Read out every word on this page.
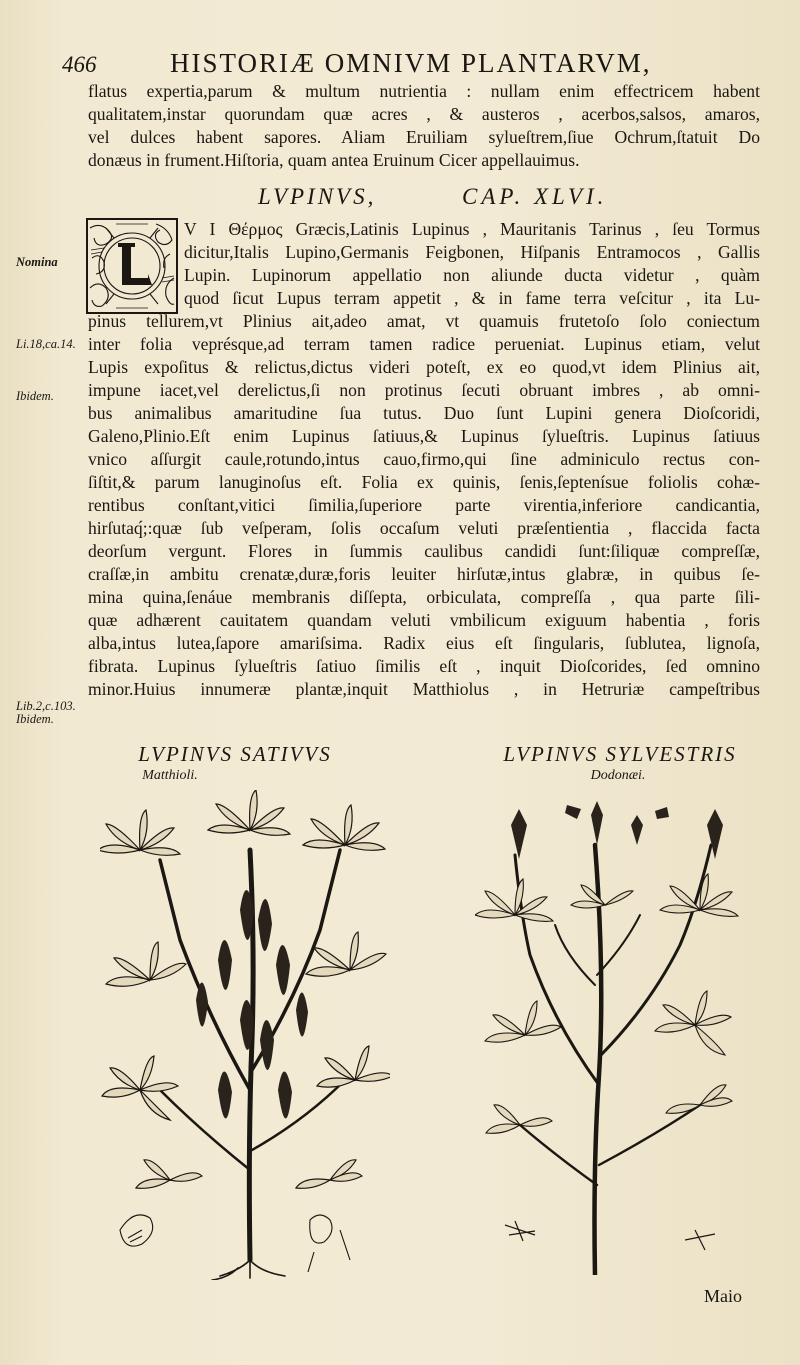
466	HISTORIÆ OMNIVM PLANTARVM,
flatus expertia,parum & multum nutrientia : nullam enim effectricem habent
qualitatem,instar quorundam quæ acres , & austeros , acerbos,salsos, amaros,
vel dulces habent sapores. Aliam Eruiliam sylueſtrem,ſiue Ochrum,ſtatuit Do
donæus in frument.Hiſtoria, quam antea Eruinum Cicer appellauimus.
LVPINVS,	CAP. XLVI.
V I Θέρμος Græcis,Latinis Lupinus , Mauritanis Tarinus , ſeu Tormus
dicitur,Italis Lupino,Germanis Feigbonen, Hiſpanis Entramocos , Gallis
Lupin. Lupinorum appellatio non aliunde ducta videtur , quàm
quod ſicut Lupus terram appetit , & in fame terra veſcitur , ita Lu-
pinus tellurem,vt Plinius ait,adeo amat, vt quamuis frutetoſo ſolo coniectum
inter folia veprésque,ad terram tamen radice perueniat. Lupinus etiam, velut
Lupis expoſitus & relictus,dictus videri poteſt, ex eo quod,vt idem Plinius ait,
impune iacet,vel derelictus,ſi non protinus ſecuti obruant imbres , ab omni-
bus animalibus amaritudine ſua tutus. Duo ſunt Lupini genera Dioſcoridi,
Galeno,Plinio.Eſt enim Lupinus ſatiuus,& Lupinus ſylueſtris. Lupinus ſatiuus
vnico aſſurgit caule,rotundo,intus cauo,firmo,qui ſine adminiculo rectus con-
ſiſtit,& parum lanuginoſus eſt. Folia ex quinis, ſenis,ſeptenísue foliolis cohæ-
rentibus conſtant,vitici ſimilia,ſuperiore parte virentia,inferiore candicantia,
hirſutaq́;:quæ ſub veſperam, ſolis occaſum veluti præſentientia , flaccida facta
deorſum vergunt. Flores in ſummis caulibus candidi ſunt:ſiliquæ compreſſæ,
craſſæ,in ambitu crenatæ,duræ,foris leuiter hirſutæ,intus glabræ, in quibus ſe-
mina quina,ſenáue membranis diſſepta, orbiculata, compreſſa , qua parte ſili-
quæ adhærent cauitatem quandam veluti vmbilicum exiguum habentia , foris
alba,intus lutea,ſapore amariſsima. Radix eius eſt ſingularis, ſublutea, lignoſa,
fibrata. Lupinus ſylueſtris ſatiuo ſimilis eſt , inquit Dioſcorides, ſed omnino
minor.Huius innumeræ plantæ,inquit Matthiolus , in Hetruriæ campeſtribus
Nomina
Li.18,ca.14.
Ibidem.
Lib.2,c.103.
Ibidem.
LVPINVS SATIVVS
Matthioli.
LVPINVS SYLVESTRIS
Dodonæi.
Maio
